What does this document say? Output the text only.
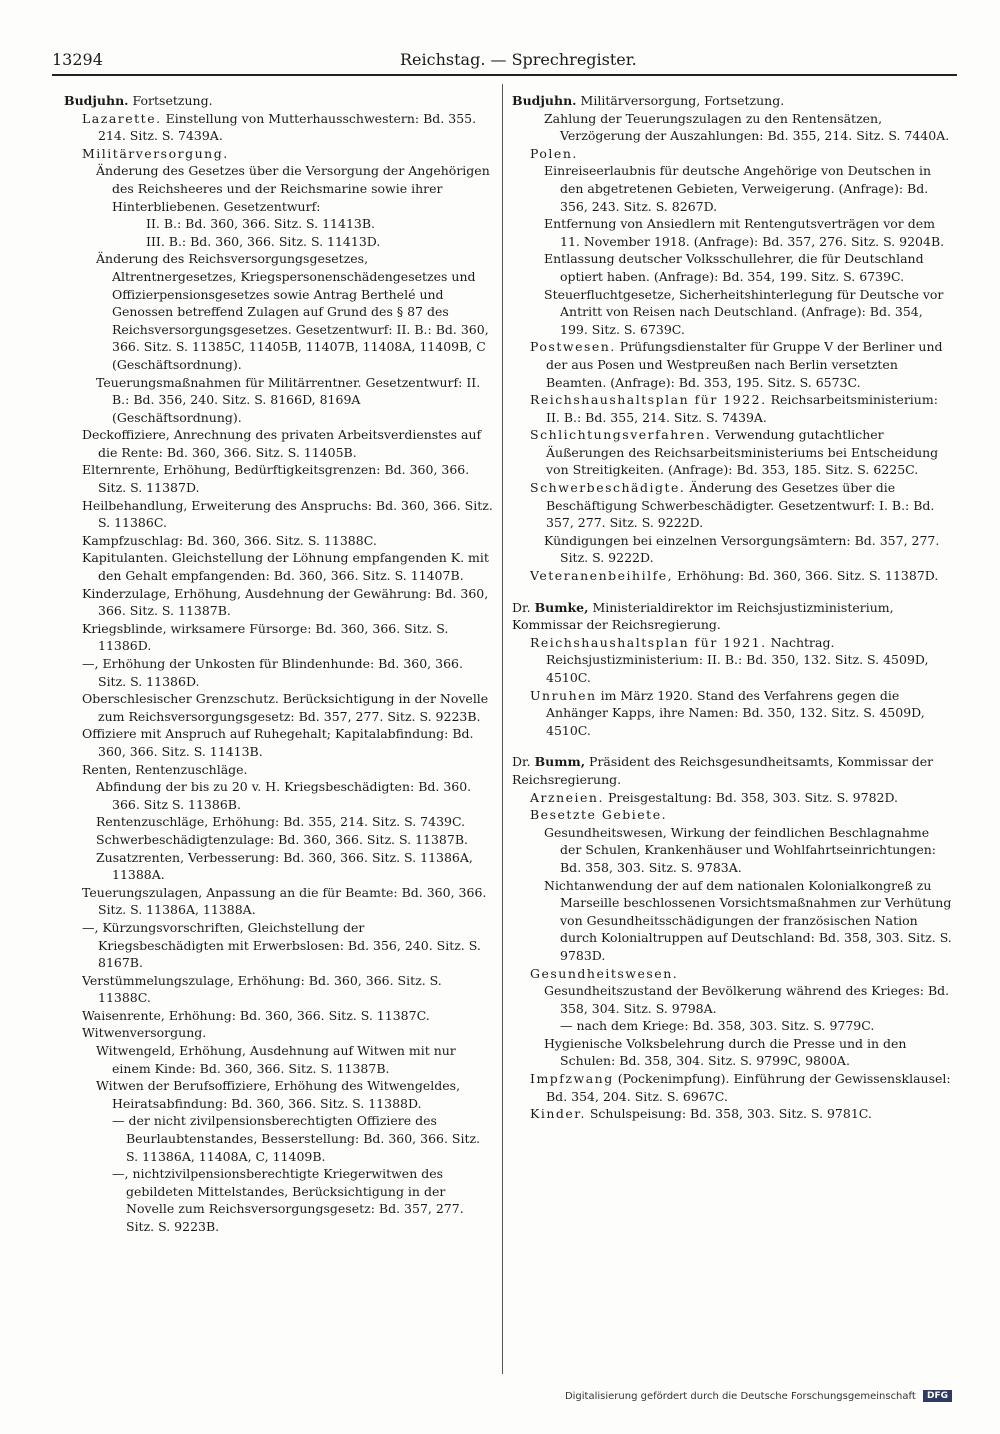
13294	Reichstag. — Sprechregister.

Budjuhn. Fortsetzung.

Lazarette. Einstellung von Mutterhausschwestern: Bd. 355. 214. Sitz. S. 7439A.

Militärversorgung.

Änderung des Gesetzes über die Versorgung der Angehörigen des Reichsheeres und der Reichsmarine sowie ihrer Hinterbliebenen. Gesetzentwurf:

II. B.: Bd. 360, 366. Sitz. S. 11413B.

III. B.: Bd. 360, 366. Sitz. S. 11413D.

Änderung des Reichsversorgungsgesetzes, Altrentnergesetzes, Kriegspersonenschädengesetzes und Offizierpensionsgesetzes sowie Antrag Berthelé und Genossen betreffend Zulagen auf Grund des § 87 des Reichsversorgungsgesetzes. Gesetzentwurf: II. B.: Bd. 360, 366. Sitz. S. 11385C, 11405B, 11407B, 11408A, 11409B, C (Geschäftsordnung).

Teuerungsmaßnahmen für Militärrentner. Gesetzentwurf: II. B.: Bd. 356, 240. Sitz. S. 8166D, 8169A (Geschäftsordnung).

Deckoffiziere, Anrechnung des privaten Arbeitsverdienstes auf die Rente: Bd. 360, 366. Sitz. S. 11405B.

Elternrente, Erhöhung, Bedürftigkeitsgrenzen: Bd. 360, 366. Sitz. S. 11387D.

Heilbehandlung, Erweiterung des Anspruchs: Bd. 360, 366. Sitz. S. 11386C.

Kampfzuschlag: Bd. 360, 366. Sitz. S. 11388C.

Kapitulanten. Gleichstellung der Löhnung empfangenden K. mit den Gehalt empfangenden: Bd. 360, 366. Sitz. S. 11407B.

Kinderzulage, Erhöhung, Ausdehnung der Gewährung: Bd. 360, 366. Sitz. S. 11387B.

Kriegsblinde, wirksamere Fürsorge: Bd. 360, 366. Sitz. S. 11386D.

—, Erhöhung der Unkosten für Blindenhunde: Bd. 360, 366. Sitz. S. 11386D.

Oberschlesischer Grenzschutz. Berücksichtigung in der Novelle zum Reichsversorgungsgesetz: Bd. 357, 277. Sitz. S. 9223B.

Offiziere mit Anspruch auf Ruhegehalt; Kapitalabfindung: Bd. 360, 366. Sitz. S. 11413B.

Renten, Rentenzuschläge.

Abfindung der bis zu 20 v. H. Kriegsbeschädigten: Bd. 360. 366. Sitz S. 11386B.

Rentenzuschläge, Erhöhung: Bd. 355, 214. Sitz. S. 7439C.

Schwerbeschädigtenzulage: Bd. 360, 366. Sitz. S. 11387B.

Zusatzrenten, Verbesserung: Bd. 360, 366. Sitz. S. 11386A, 11388A.

Teuerungszulagen, Anpassung an die für Beamte: Bd. 360, 366. Sitz. S. 11386A, 11388A.

—, Kürzungsvorschriften, Gleichstellung der Kriegsbeschädigten mit Erwerbslosen: Bd. 356, 240. Sitz. S. 8167B.

Verstümmelungszulage, Erhöhung: Bd. 360, 366. Sitz. S. 11388C.

Waisenrente, Erhöhung: Bd. 360, 366. Sitz. S. 11387C.

Witwenversorgung.

Witwengeld, Erhöhung, Ausdehnung auf Witwen mit nur einem Kinde: Bd. 360, 366. Sitz. S. 11387B.

Witwen der Berufsoffiziere, Erhöhung des Witwengeldes, Heiratsabfindung: Bd. 360, 366. Sitz. S. 11388D.

— der nicht zivilpensionsberechtigten Offiziere des Beurlaubtenstandes, Besserstellung: Bd. 360, 366. Sitz. S. 11386A, 11408A, C, 11409B.

—, nichtzivilpensionsberechtigte Kriegerwitwen des gebildeten Mittelstandes, Berücksichtigung in der Novelle zum Reichsversorgungsgesetz: Bd. 357, 277. Sitz. S. 9223B.

Budjuhn. Militärversorgung, Fortsetzung.

Zahlung der Teuerungszulagen zu den Rentensätzen, Verzögerung der Auszahlungen: Bd. 355, 214. Sitz. S. 7440A.

Polen.

Einreiseerlaubnis für deutsche Angehörige von Deutschen in den abgetretenen Gebieten, Verweigerung. (Anfrage): Bd. 356, 243. Sitz. S. 8267D.

Entfernung von Ansiedlern mit Rentengutsverträgen vor dem 11. November 1918. (Anfrage): Bd. 357, 276. Sitz. S. 9204B.

Entlassung deutscher Volksschullehrer, die für Deutschland optiert haben. (Anfrage): Bd. 354, 199. Sitz. S. 6739C.

Steuerfluchtgesetze, Sicherheitshinterlegung für Deutsche vor Antritt von Reisen nach Deutschland. (Anfrage): Bd. 354, 199. Sitz. S. 6739C.

Postwesen. Prüfungsdienstalter für Gruppe V der Berliner und der aus Posen und Westpreußen nach Berlin versetzten Beamten. (Anfrage): Bd. 353, 195. Sitz. S. 6573C.

Reichshaushaltsplan für 1922. Reichsarbeitsministerium: II. B.: Bd. 355, 214. Sitz. S. 7439A.

Schlichtungsverfahren. Verwendung gutachtlicher Äußerungen des Reichsarbeitsministeriums bei Entscheidung von Streitigkeiten. (Anfrage): Bd. 353, 185. Sitz. S. 6225C.

Schwerbeschädigte. Änderung des Gesetzes über die Beschäftigung Schwerbeschädigter. Gesetzentwurf: I. B.: Bd. 357, 277. Sitz. S. 9222D.

Kündigungen bei einzelnen Versorgungsämtern: Bd. 357, 277. Sitz. S. 9222D.

Veteranenbeihilfe, Erhöhung: Bd. 360, 366. Sitz. S. 11387D.

Dr. Bumke, Ministerialdirektor im Reichsjustizministerium, Kommissar der Reichsregierung.

Reichshaushaltsplan für 1921. Nachtrag. Reichsjustizministerium: II. B.: Bd. 350, 132. Sitz. S. 4509D, 4510C.

Unruhen im März 1920. Stand des Verfahrens gegen die Anhänger Kapps, ihre Namen: Bd. 350, 132. Sitz. S. 4509D, 4510C.

Dr. Bumm, Präsident des Reichsgesundheitsamts, Kommissar der Reichsregierung.

Arzneien. Preisgestaltung: Bd. 358, 303. Sitz. S. 9782D.

Besetzte Gebiete.

Gesundheitswesen, Wirkung der feindlichen Beschlagnahme der Schulen, Krankenhäuser und Wohlfahrtseinrichtungen: Bd. 358, 303. Sitz. S. 9783A.

Nichtanwendung der auf dem nationalen Kolonialkongreß zu Marseille beschlossenen Vorsichtsmaßnahmen zur Verhütung von Gesundheitsschädigungen der französischen Nation durch Kolonialtruppen auf Deutschland: Bd. 358, 303. Sitz. S. 9783D.

Gesundheitswesen.

Gesundheitszustand der Bevölkerung während des Krieges: Bd. 358, 304. Sitz. S. 9798A.

— nach dem Kriege: Bd. 358, 303. Sitz. S. 9779C.

Hygienische Volksbelehrung durch die Presse und in den Schulen: Bd. 358, 304. Sitz. S. 9799C, 9800A.

Impfzwang (Pockenimpfung). Einführung der Gewissensklausel: Bd. 354, 204. Sitz. S. 6967C.

Kinder. Schulspeisung: Bd. 358, 303. Sitz. S. 9781C.

Digitalisierung gefördert durch die Deutsche Forschungsgemeinschaft DFG
